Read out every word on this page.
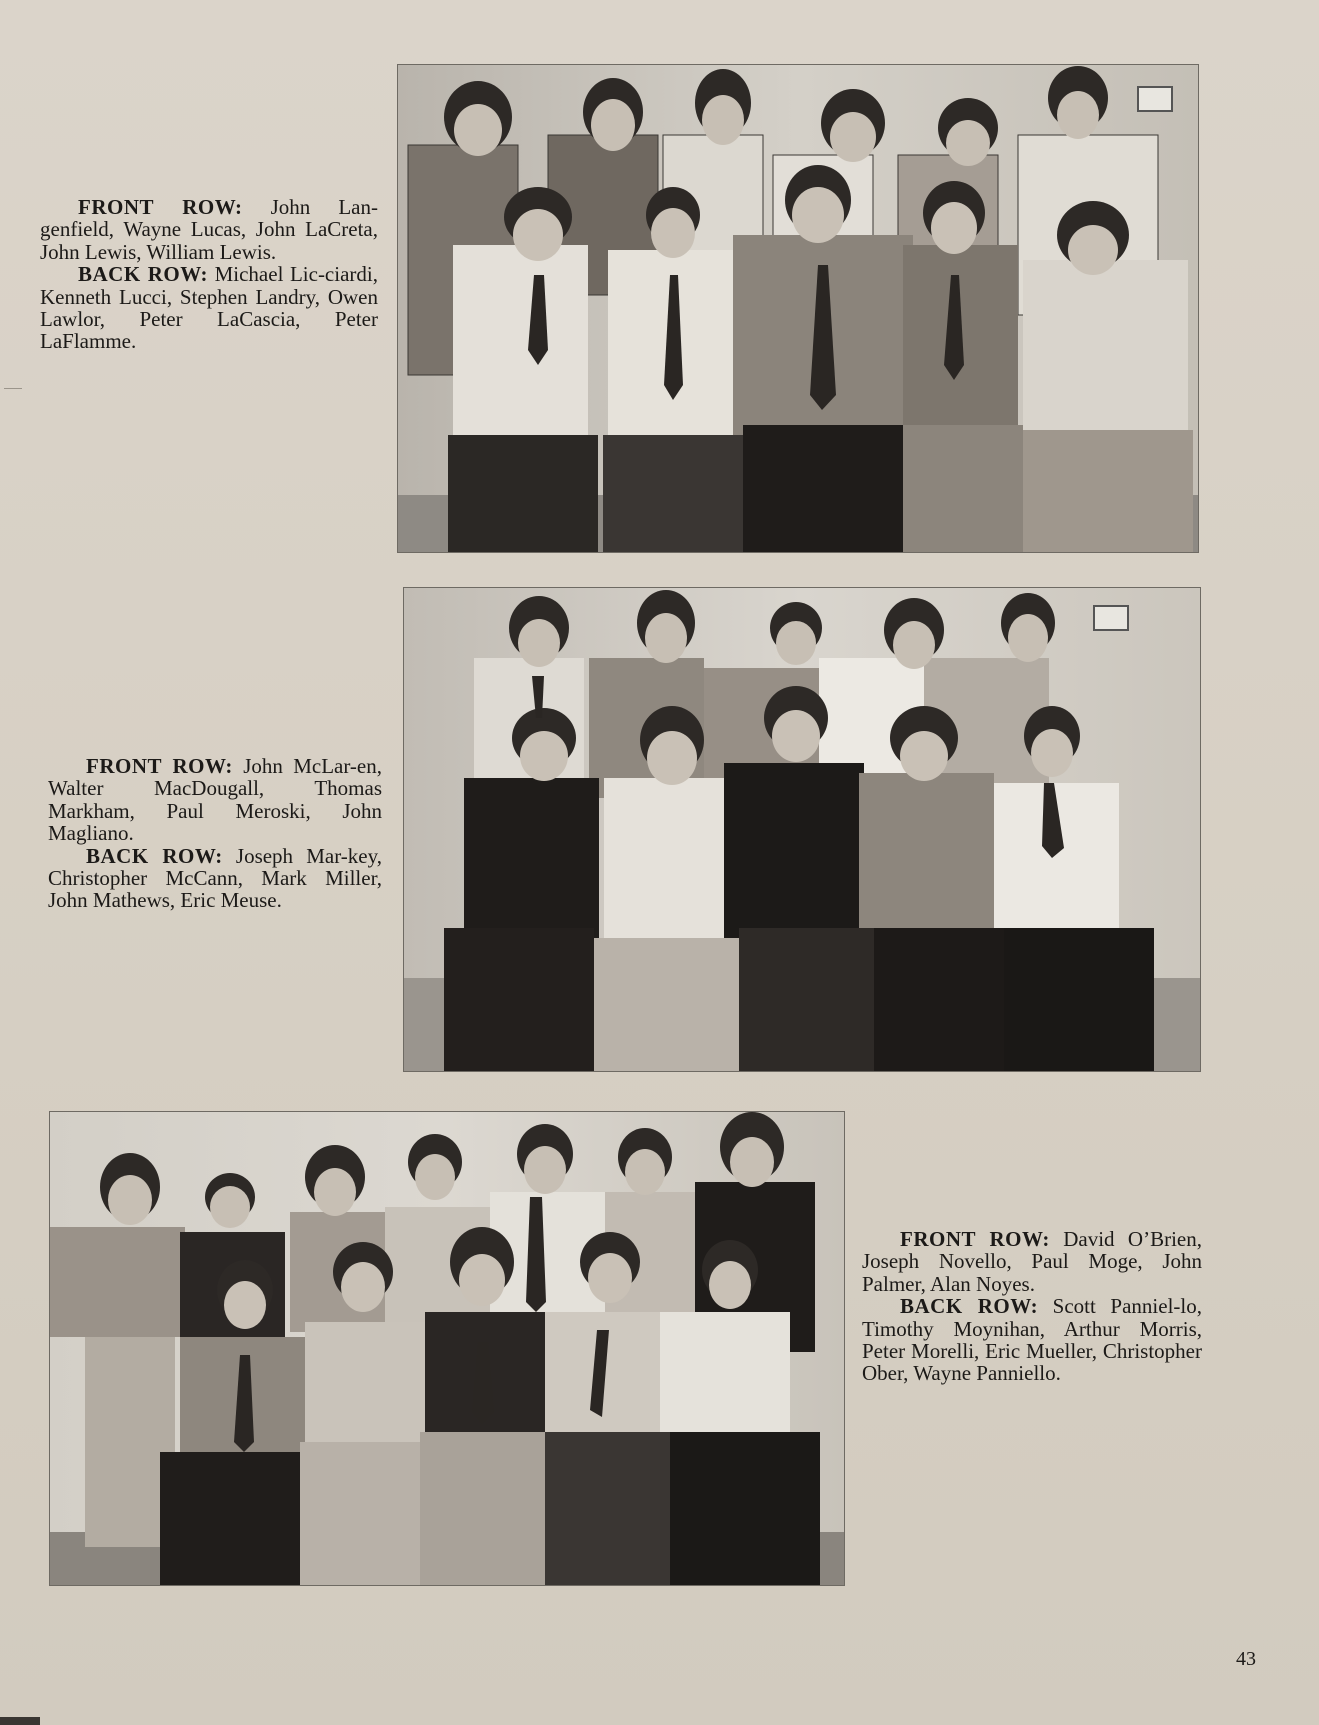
FRONT ROW: John Lan-genfield, Wayne Lucas, John LaCreta, John Lewis, William Lewis.

BACK ROW: Michael Lic-ciardi, Kenneth Lucci, Stephen Landry, Owen Lawlor, Peter LaCascia, Peter LaFlamme.

FRONT ROW: John McLar-en, Walter MacDougall, Thomas Markham, Paul Meroski, John Magliano.

BACK ROW: Joseph Mar-key, Christopher McCann, Mark Miller, John Mathews, Eric Meuse.

FRONT ROW: David O’Brien, Joseph Novello, Paul Moge, John Palmer, Alan Noyes.

BACK ROW: Scott Panniel-lo, Timothy Moynihan, Arthur Morris, Peter Morelli, Eric Mueller, Christopher Ober, Wayne Panniello.

43
